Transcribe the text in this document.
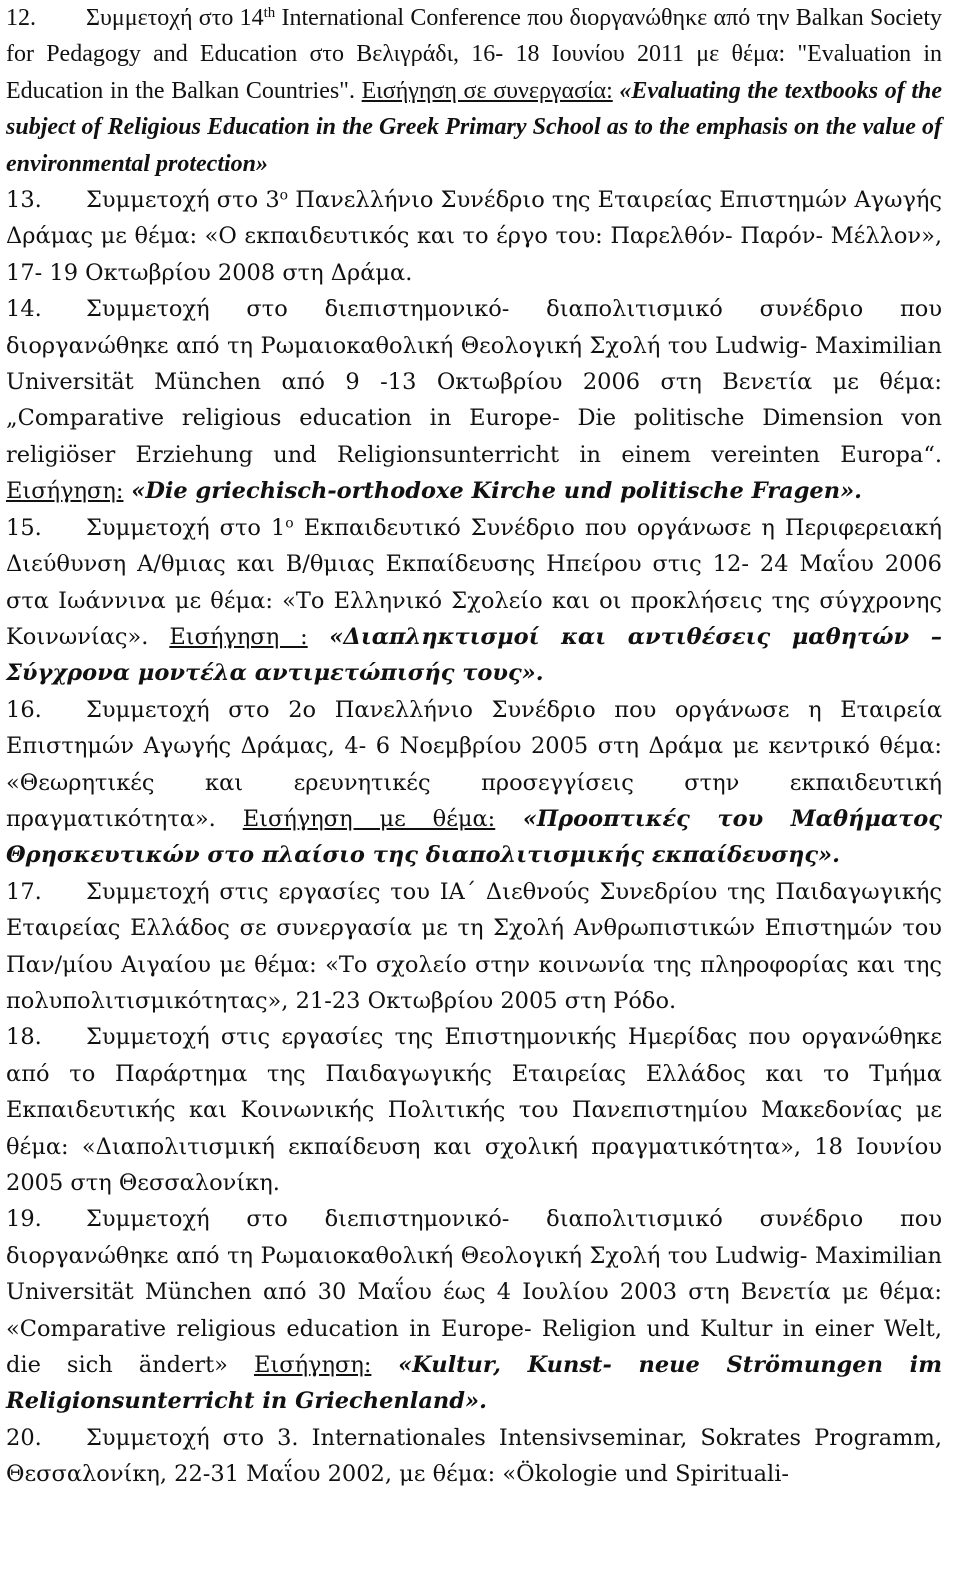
12. Συμμετοχή στο 14th International Conference που διοργανώθηκε από την Balkan Society for Pedagogy and Education στο Βελιγράδι, 16- 18 Ιουνίου 2011 με θέμα: "Evaluation in Education in the Balkan Countries". Εισήγηση σε συνεργασία: «Evaluating the textbooks of the subject of Religious Education in the Greek Primary School as to the emphasis on the value of environmental protection»

13. Συμμετοχή στο $3^o$ Πανελλήνιο Συνέδριο της Εταιρείας Επιστημών Αγωγής Δράμας με θέμα: «Ο εκπαιδευτικός και το έργο του: Παρελθόν- Παρόν- Μέλλον», 17- 19 Οκτωβρίου 2008 στη Δράμα.

14. Συμμετοχή στο διεπιστημονικό- διαπολιτισμικό συνέδριο που διοργανώθηκε από τη Ρωμαιοκαθολική Θεολογική Σχολή του Ludwig- Maximilian Universität München από 9 -13 Οκτωβρίου 2006 στη Βενετία με θέμα: „Comparative religious education in Europe- Die politische Dimension von religiöser Erziehung und Religionsunterricht in einem vereinten Europa“. Εισήγηση: «Die griechisch-orthodoxe Kirche und politische Fragen».

15. Συμμετοχή στο $1^o$ Εκπαιδευτικό Συνέδριο που οργάνωσε η Περιφερειακή Διεύθυνση Α/θμιας και Β/θμιας Εκπαίδευσης Ηπείρου στις 12- 24 Μαΐου 2006 στα Ιωάννινα με θέμα: «Το Ελληνικό Σχολείο και οι προκλήσεις της σύγχρονης Κοινωνίας». Εισήγηση : «Διαπληκτισμοί και αντιθέσεις μαθητών – Σύγχρονα μοντέλα αντιμετώπισής τους».

16. Συμμετοχή στο 2ο Πανελλήνιο Συνέδριο που οργάνωσε η Εταιρεία Επιστημών Αγωγής Δράμας, 4- 6 Νοεμβρίου 2005 στη Δράμα με κεντρικό θέμα: «Θεωρητικές και ερευνητικές προσεγγίσεις στην εκπαιδευτική πραγματικότητα». Εισήγηση με θέμα: «Προοπτικές του Μαθήματος Θρησκευτικών στο πλαίσιο της διαπολιτισμικής εκπαίδευσης».

17. Συμμετοχή στις εργασίες του ΙΑ΄ Διεθνούς Συνεδρίου της Παιδαγωγικής Εταιρείας Ελλάδος σε συνεργασία με τη Σχολή Ανθρωπιστικών Επιστημών του Παν/μίου Αιγαίου με θέμα: «Το σχολείο στην κοινωνία της πληροφορίας και της πολυπολιτισμικότητας», 21-23 Οκτωβρίου 2005 στη Ρόδο.

18. Συμμετοχή στις εργασίες της Επιστημονικής Ημερίδας που οργανώθηκε από το Παράρτημα της Παιδαγωγικής Εταιρείας Ελλάδος και το Τμήμα Εκπαιδευτικής και Κοινωνικής Πολιτικής του Πανεπιστημίου Μακεδονίας με θέμα: «Διαπολιτισμική εκπαίδευση και σχολική πραγματικότητα», 18 Ιουνίου 2005 στη Θεσσαλονίκη.

19. Συμμετοχή στο διεπιστημονικό- διαπολιτισμικό συνέδριο που διοργανώθηκε από τη Ρωμαιοκαθολική Θεολογική Σχολή του Ludwig- Maximilian Universität München από 30 Μαΐου έως 4 Ιουλίου 2003 στη Βενετία με θέμα: «Comparative religious education in Europe- Religion und Kultur in einer Welt, die sich ändert» Εισήγηση: «Kultur, Kunst- neue Strömungen im Religionsunterricht in Griechenland».

20. Συμμετοχή στο 3. Internationales Intensivseminar, Sokrates Programm, Θεσσαλονίκη, 22-31 Μαΐου 2002, με θέμα: «Ökologie und Spirituali-
